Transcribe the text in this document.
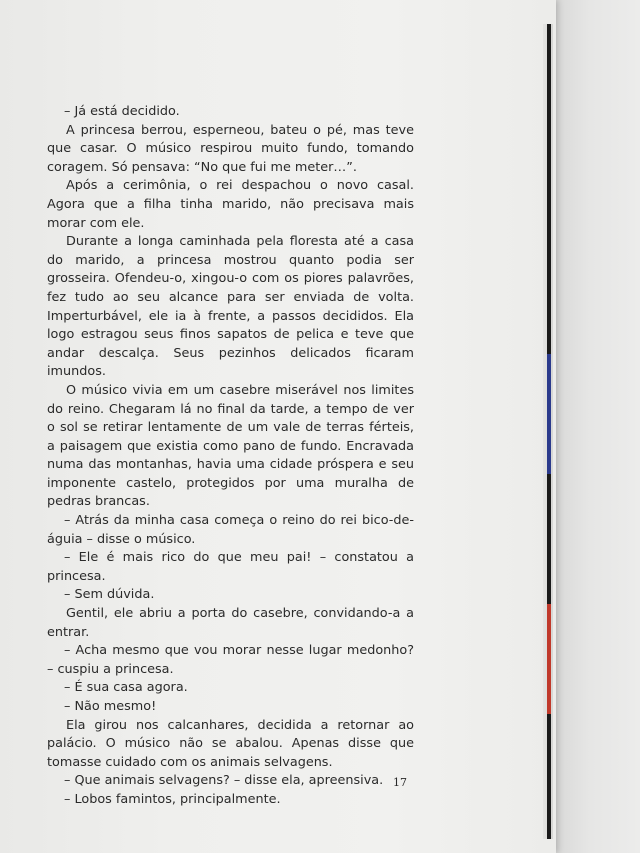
– Já está decidido.

A princesa berrou, esperneou, bateu o pé, mas teve que casar. O músico respirou muito fundo, tomando coragem. Só pensava: “No que fui me meter…”.

Após a cerimônia, o rei despachou o novo casal. Agora que a filha tinha marido, não precisava mais morar com ele.

Durante a longa caminhada pela floresta até a casa do marido, a princesa mostrou quanto podia ser grosseira. Ofendeu-o, xingou-o com os piores palavrões, fez tudo ao seu alcance para ser enviada de volta. Imperturbável, ele ia à frente, a passos decididos. Ela logo estragou seus finos sapatos de pelica e teve que andar descalça. Seus pezinhos delicados ficaram imundos.

O músico vivia em um casebre miserável nos limites do reino. Chegaram lá no final da tarde, a tempo de ver o sol se retirar lentamente de um vale de terras férteis, a paisagem que existia como pano de fundo. Encravada numa das montanhas, havia uma cidade próspera e seu imponente castelo, protegidos por uma muralha de pedras brancas.

– Atrás da minha casa começa o reino do rei bico-de-águia – disse o músico.

– Ele é mais rico do que meu pai! – constatou a princesa.

– Sem dúvida.

Gentil, ele abriu a porta do casebre, convidando-a a entrar.

– Acha mesmo que vou morar nesse lugar medonho? – cuspiu a princesa.

– É sua casa agora.

– Não mesmo!

Ela girou nos calcanhares, decidida a retornar ao palácio. O músico não se abalou. Apenas disse que tomasse cuidado com os animais selvagens.

– Que animais selvagens? – disse ela, apreensiva.

– Lobos famintos, principalmente.

17
